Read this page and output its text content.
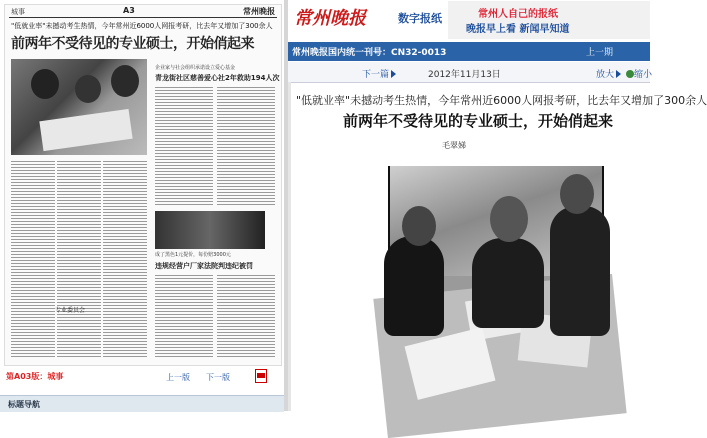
城事	A3	常州晚报
"低就业率"未撼动考生热情，今年常州近6000人网报考研，比去年又增加了300余人
前两年不受待见的专业硕士，开始俏起来
企业家与社会组织承诺设立爱心基金
青龙街社区慈善爱心社2年救助194人次
成了黑色1元提价，每份赔3000元
违规经营户厂家法院判违纪被罚
专业委员会
第A03版：城事	上一版 下一版
标题导航
常州晚报	数字报纸	常州人自己的报纸
晚报早上看 新闻早知道
常州晚报国内统一刊号：CN32-0013	上一期
下一篇	2012年11月13日	放大	缩小
"低就业率"未撼动考生热情，今年常州近6000人网报考研，比去年又增加了300余人
前两年不受待见的专业硕士，开始俏起来
毛翠娣
